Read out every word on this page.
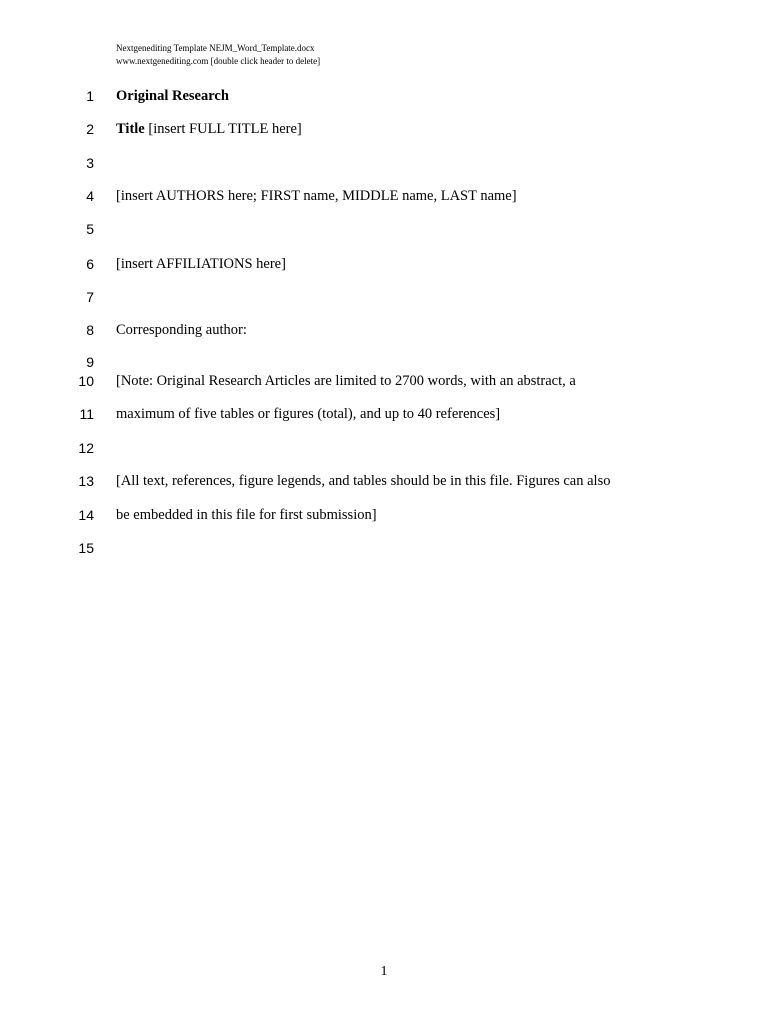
Nextgenediting Template NEJM_Word_Template.docx
www.nextgenediting.com [double click header to delete]
1
2
3
4
5
6
7
8
9
10
11
12
13
14
15
Original Research
Title [insert FULL TITLE here]
[insert AUTHORS here; FIRST name, MIDDLE name, LAST name]
[insert AFFILIATIONS here]
Corresponding author:
[Note: Original Research Articles are limited to 2700 words, with an abstract, a
maximum of five tables or figures (total), and up to 40 references]
[All text, references, figure legends, and tables should be in this file. Figures can also
be embedded in this file for first submission]
1
